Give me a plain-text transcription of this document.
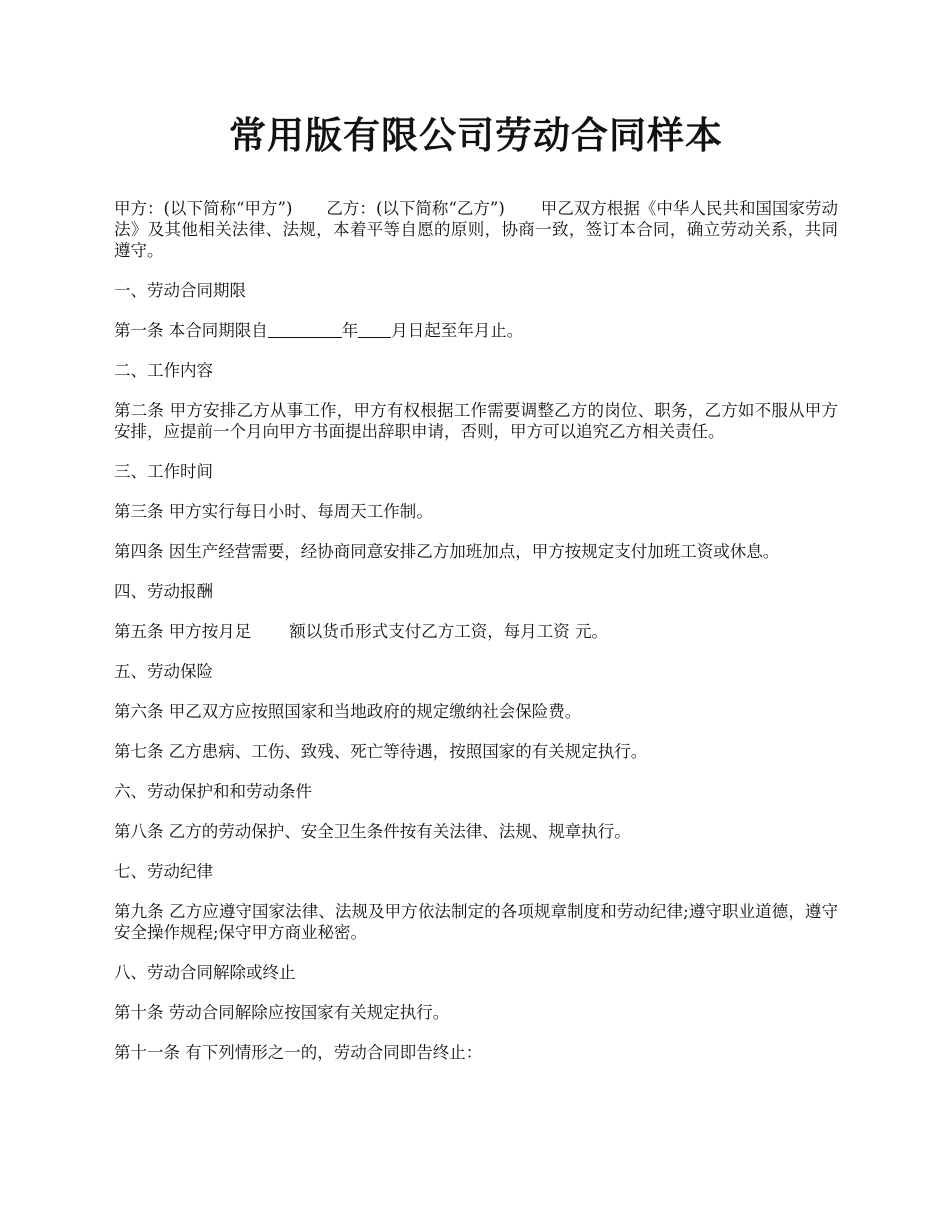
常用版有限公司劳动合同样本

甲方：(以下简称“甲方”) 乙方：(以下简称“乙方”) 甲乙双方根据《中华人民共和国国家劳动法》及其他相关法律、法规，本着平等自愿的原则，协商一致，签订本合同，确立劳动关系，共同遵守。

一、劳动合同期限

第一条 本合同期限自	年 月日起至年月止。

二、工作内容

第二条 甲方安排乙方从事工作，甲方有权根据工作需要调整乙方的岗位、职务，乙方如不服从甲方安排，应提前一个月向甲方书面提出辞职申请，否则，甲方可以追究乙方相关责任。

三、工作时间

第三条 甲方实行每日小时、每周天工作制。

第四条 因生产经营需要，经协商同意安排乙方加班加点，甲方按规定支付加班工资或休息。

四、劳动报酬

第五条 甲方按月足 额以货币形式支付乙方工资，每月工资 元。

五、劳动保险

第六条 甲乙双方应按照国家和当地政府的规定缴纳社会保险费。

第七条 乙方患病、工伤、致残、死亡等待遇，按照国家的有关规定执行。

六、劳动保护和和劳动条件

第八条 乙方的劳动保护、安全卫生条件按有关法律、法规、规章执行。

七、劳动纪律

第九条 乙方应遵守国家法律、法规及甲方依法制定的各项规章制度和劳动纪律;遵守职业道德，遵守安全操作规程;保守甲方商业秘密。

八、劳动合同解除或终止

第十条 劳动合同解除应按国家有关规定执行。

第十一条 有下列情形之一的，劳动合同即告终止：
